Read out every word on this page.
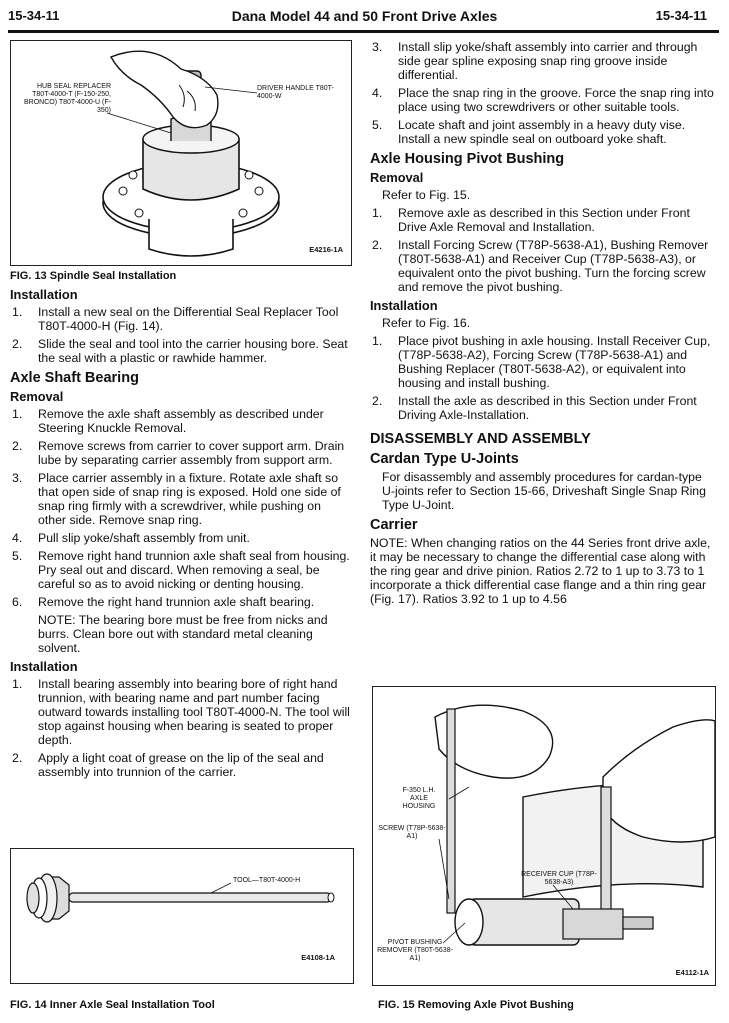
15-34-11	Dana Model 44 and 50 Front Drive Axles	15-34-11
HUB SEAL REPLACER T80T-4000-T (F-150-250, BRONCO) T80T-4000-U (F-350)
DRIVER HANDLE T80T-4000-W
E4216-1A
FIG. 13 Spindle Seal Installation
Installation
1. Install a new seal on the Differential Seal Replacer Tool T80T-4000-H (Fig. 14).
2. Slide the seal and tool into the carrier housing bore. Seat the seal with a plastic or rawhide hammer.
Axle Shaft Bearing
Removal
1. Remove the axle shaft assembly as described under Steering Knuckle Removal.
2. Remove screws from carrier to cover support arm. Drain lube by separating carrier assembly from support arm.
3. Place carrier assembly in a fixture. Rotate axle shaft so that open side of snap ring is exposed. Hold one side of snap ring firmly with a screwdriver, while pushing on other side. Remove snap ring.
4. Pull slip yoke/shaft assembly from unit.
5. Remove right hand trunnion axle shaft seal from housing. Pry seal out and discard. When removing a seal, be careful so as to avoid nicking or denting housing.
6. Remove the right hand trunnion axle shaft bearing.

NOTE: The bearing bore must be free from nicks and burrs. Clean bore out with standard metal cleaning solvent.

Installation
1. Install bearing assembly into bearing bore of right hand trunnion, with bearing name and part number facing outward towards installing tool T80T-4000-N. The tool will stop against housing when bearing is seated to proper depth.
2. Apply a light coat of grease on the lip of the seal and assembly into trunnion of the carrier.
TOOL—T80T-4000-H
E4108-1A
FIG. 14 Inner Axle Seal Installation Tool
3. Install slip yoke/shaft assembly into carrier and through side gear spline exposing snap ring groove inside differential.
4. Place the snap ring in the groove. Force the snap ring into place using two screwdrivers or other suitable tools.
5. Locate shaft and joint assembly in a heavy duty vise. Install a new spindle seal on outboard yoke shaft.
Axle Housing Pivot Bushing
Removal

Refer to Fig. 15.

1. Remove axle as described in this Section under Front Drive Axle Removal and Installation.
2. Install Forcing Screw (T78P-5638-A1), Bushing Remover (T80T-5638-A1) and Receiver Cup (T78P-5638-A3), or equivalent onto the pivot bushing. Turn the forcing screw and remove the pivot bushing.
Installation

Refer to Fig. 16.

1. Place pivot bushing in axle housing. Install Receiver Cup, (T78P-5638-A2), Forcing Screw (T78P-5638-A1) and Bushing Replacer (T80T-5638-A2), or equivalent into housing and install bushing.
2. Install the axle as described in this Section under Front Driving Axle-Installation.
DISASSEMBLY AND ASSEMBLY
Cardan Type U-Joints

For disassembly and assembly procedures for cardan-type U-joints refer to Section 15-66, Driveshaft Single Snap Ring Type U-Joint.

Carrier

NOTE: When changing ratios on the 44 Series front drive axle, it may be necessary to change the differential case along with the ring gear and drive pinion. Ratios 2.72 to 1 up to 3.73 to 1 incorporate a thick differential case flange and a thin ring gear (Fig. 17). Ratios 3.92 to 1 up to 4.56

F-350 L.H. AXLE HOUSING
SCREW (T78P-5638-A1)
RECEIVER CUP (T78P-5638-A3)
PIVOT BUSHING REMOVER (T80T-5638-A1)
E4112-1A
FIG. 15 Removing Axle Pivot Bushing
